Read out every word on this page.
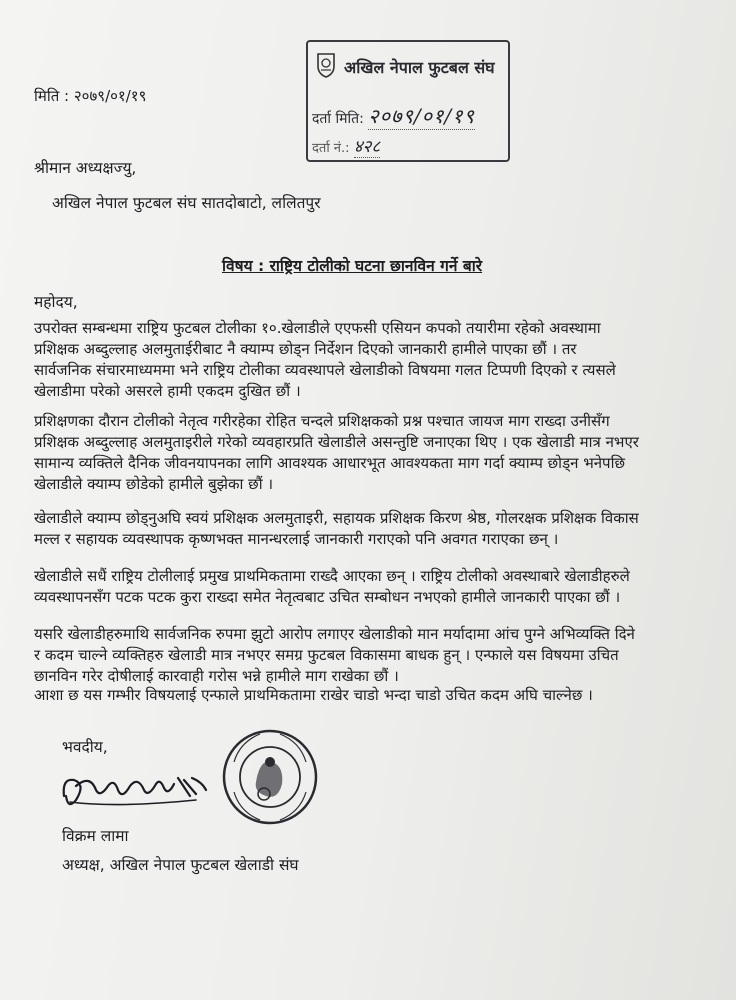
अखिल नेपाल फुटबल संघ
दर्ता मिति: २०७९/०१/१९
दर्ता नं.: ४२८
मिति : २०७९/०१/१९
श्रीमान अध्यक्षज्यु,
अखिल नेपाल फुटबल संघ सातदोबाटो, ललितपुर
विषय : राष्ट्रिय टोलीको घटना छानविन गर्ने बारे
महोदय,
उपरोक्त सम्बन्धमा राष्ट्रिय फुटबल टोलीका १०.खेलाडीले एएफसी एसियन कपको तयारीमा रहेको अवस्थामा
प्रशिक्षक अब्दुल्लाह अलमुताईरीबाट नै क्याम्प छोड्न निर्देशन दिएको जानकारी हामीले पाएका छौं । तर
सार्वजनिक संचारमाध्यममा भने राष्ट्रिय टोलीका व्यवस्थापले खेलाडीको विषयमा गलत टिप्पणी दिएको र त्यसले
खेलाडीमा परेको असरले हामी एकदम दुखित छौं ।
प्रशिक्षणका दौरान टोलीको नेतृत्व गरीरहेका रोहित चन्दले प्रशिक्षकको प्रश्न पश्चात जायज माग राख्दा उनीसँग
प्रशिक्षक अब्दुल्लाह अलमुताइरीले गरेको व्यवहारप्रति खेलाडीले असन्तुष्टि जनाएका थिए । एक खेलाडी मात्र नभएर
सामान्य व्यक्तिले दैनिक जीवनयापनका लागि आवश्यक आधारभूत आवश्यकता माग गर्दा क्याम्प छोड्न भनेपछि
खेलाडीले क्याम्प छोडेको हामीले बुझेका छौं ।
खेलाडीले क्याम्प छोड्नुअघि स्वयं प्रशिक्षक अलमुताइरी, सहायक प्रशिक्षक किरण श्रेष्ठ, गोलरक्षक प्रशिक्षक विकास
मल्ल र सहायक व्यवस्थापक कृष्णभक्त मानन्धरलाई जानकारी गराएको पनि अवगत गराएका छन् ।
खेलाडीले सधैं राष्ट्रिय टोलीलाई प्रमुख प्राथमिकतामा राख्दै आएका छन् । राष्ट्रिय टोलीको अवस्थाबारे खेलाडीहरुले
व्यवस्थापनसँग पटक पटक कुरा राख्दा समेत नेतृत्वबाट उचित सम्बोधन नभएको हामीले जानकारी पाएका छौं ।
यसरि खेलाडीहरुमाथि सार्वजनिक रुपमा झुटो आरोप लगाएर खेलाडीको मान मर्यादामा आंच पुग्ने अभिव्यक्ति दिने
र कदम चाल्ने व्यक्तिहरु खेलाडी मात्र नभएर समग्र फुटबल विकासमा बाधक हुन् । एन्फाले यस विषयमा उचित
छानविन गरेर दोषीलाई कारवाही गरोस भन्ने हामीले माग राखेका छौं ।
आशा छ यस गम्भीर विषयलाई एन्फाले प्राथमिकतामा राखेर चाडो भन्दा चाडो उचित कदम अघि चाल्नेछ ।
भवदीय,
विक्रम लामा
अध्यक्ष, अखिल नेपाल फुटबल खेलाडी संघ
